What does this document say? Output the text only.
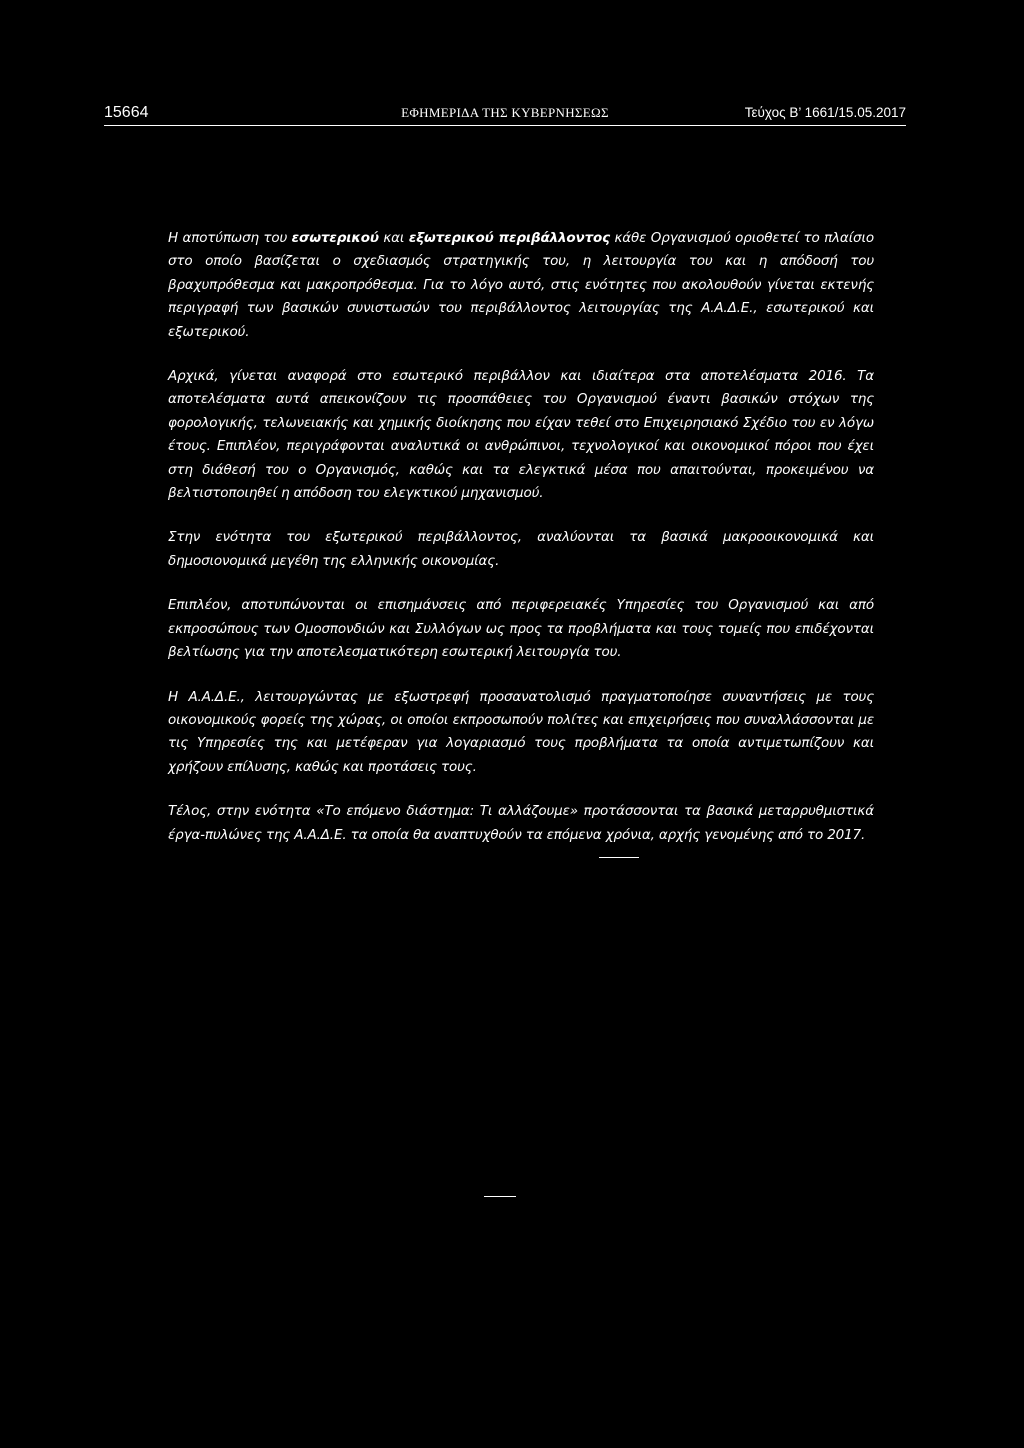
15664	ΕΦΗΜΕΡΙΔΑ ΤΗΣ ΚΥΒΕΡΝΗΣΕΩΣ	Τεύχος Β’ 1661/15.05.2017

Η αποτύπωση του εσωτερικού και εξωτερικού περιβάλλοντος κάθε Οργανισμού οριοθετεί το πλαίσιο στο οποίο βασίζεται ο σχεδιασμός στρατηγικής του, η λειτουργία του και η απόδοσή του βραχυπρόθεσμα και μακροπρόθεσμα. Για το λόγο αυτό, στις ενότητες που ακολουθούν γίνεται εκτενής περιγραφή των βασικών συνιστωσών του περιβάλλοντος λειτουργίας της Α.Α.Δ.Ε., εσωτερικού και εξωτερικού.

Αρχικά, γίνεται αναφορά στο εσωτερικό περιβάλλον και ιδιαίτερα στα αποτελέσματα 2016. Τα αποτελέσματα αυτά απεικονίζουν τις προσπάθειες του Οργανισμού έναντι βασικών στόχων της φορολογικής, τελωνειακής και χημικής διοίκησης που είχαν τεθεί στο Επιχειρησιακό Σχέδιο του εν λόγω έτους. Επιπλέον, περιγράφονται αναλυτικά οι ανθρώπινοι, τεχνολογικοί και οικονομικοί πόροι που έχει στη διάθεσή του ο Οργανισμός, καθώς και τα ελεγκτικά μέσα που απαιτούνται, προκειμένου να βελτιστοποιηθεί η απόδοση του ελεγκτικού μηχανισμού.

Στην ενότητα του εξωτερικού περιβάλλοντος, αναλύονται τα βασικά μακροοικονομικά και δημοσιονομικά μεγέθη της ελληνικής οικονομίας.

Επιπλέον, αποτυπώνονται οι επισημάνσεις από περιφερειακές Υπηρεσίες του Οργανισμού και από εκπροσώπους των Ομοσπονδιών και Συλλόγων ως προς τα προβλήματα και τους τομείς που επιδέχονται βελτίωσης για την αποτελεσματικότερη εσωτερική λειτουργία του.

Η Α.Α.Δ.Ε., λειτουργώντας με εξωστρεφή προσανατολισμό πραγματοποίησε συναντήσεις με τους οικονομικούς φορείς της χώρας, οι οποίοι εκπροσωπούν πολίτες και επιχειρήσεις που συναλλάσσονται με τις Υπηρεσίες της και μετέφεραν για λογαριασμό τους προβλήματα τα οποία αντιμετωπίζουν και χρήζουν επίλυσης, καθώς και προτάσεις τους.

Τέλος, στην ενότητα «Το επόμενο διάστημα: Τι αλλάζουμε» προτάσσονται τα βασικά μεταρρυθμιστικά έργα-πυλώνες της Α.Α.Δ.Ε. τα οποία θα αναπτυχθούν τα επόμενα χρόνια, αρχής γενομένης από το 2017.
